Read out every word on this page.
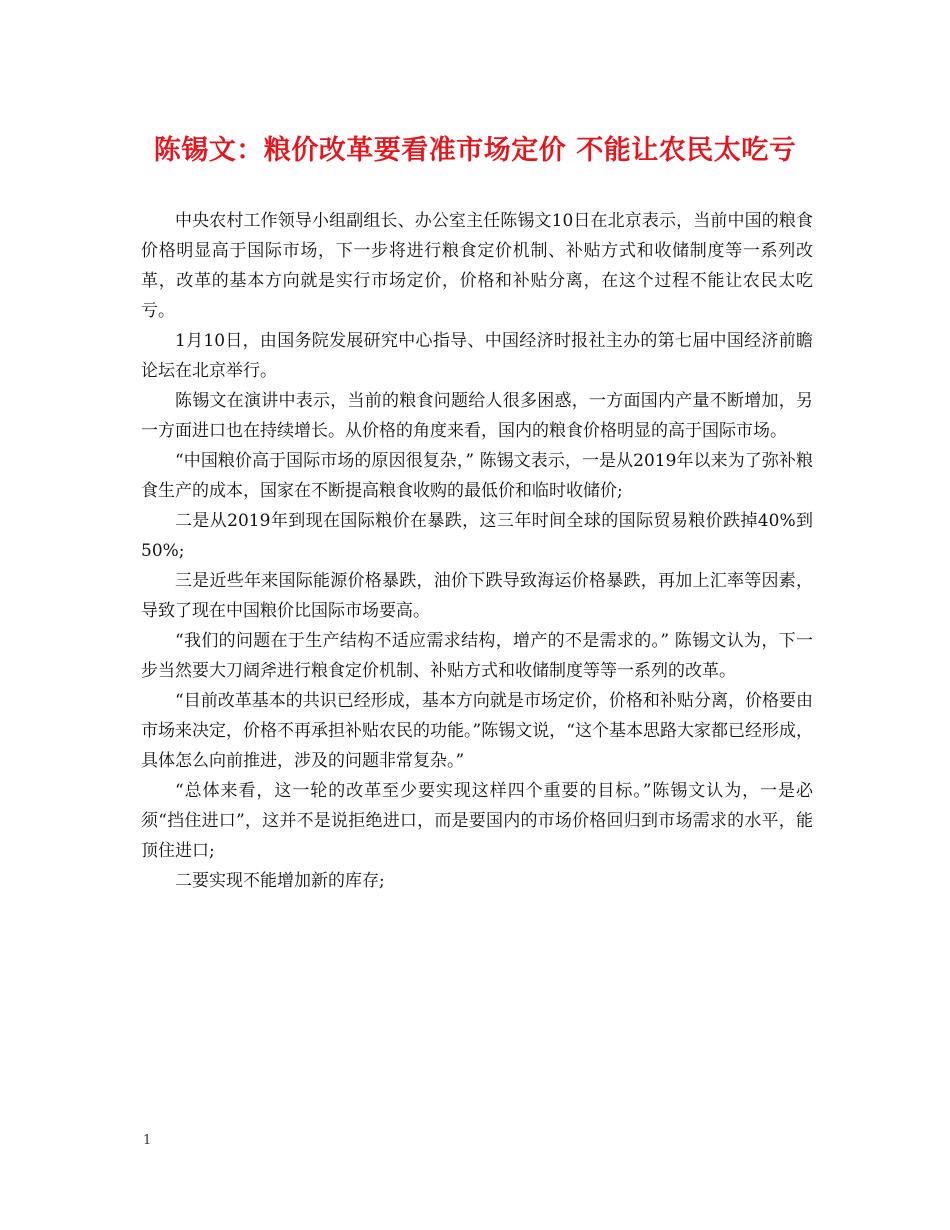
陈锡文：粮价改革要看准市场定价 不能让农民太吃亏

中央农村工作领导小组副组长、办公室主任陈锡文10日在北京表示，当前中国的粮食价格明显高于国际市场，下一步将进行粮食定价机制、补贴方式和收储制度等一系列改革，改革的基本方向就是实行市场定价，价格和补贴分离，在这个过程不能让农民太吃亏。

1月10日，由国务院发展研究中心指导、中国经济时报社主办的第七届中国经济前瞻论坛在北京举行。

陈锡文在演讲中表示，当前的粮食问题给人很多困惑，一方面国内产量不断增加，另一方面进口也在持续增长。从价格的角度来看，国内的粮食价格明显的高于国际市场。

“中国粮价高于国际市场的原因很复杂，” 陈锡文表示，一是从2019年以来为了弥补粮食生产的成本，国家在不断提高粮食收购的最低价和临时收储价;

二是从2019年到现在国际粮价在暴跌，这三年时间全球的国际贸易粮价跌掉40%到50%;

三是近些年来国际能源价格暴跌，油价下跌导致海运价格暴跌，再加上汇率等因素，导致了现在中国粮价比国际市场要高。

“我们的问题在于生产结构不适应需求结构，增产的不是需求的。” 陈锡文认为，下一步当然要大刀阔斧进行粮食定价机制、补贴方式和收储制度等等一系列的改革。

“目前改革基本的共识已经形成，基本方向就是市场定价，价格和补贴分离，价格要由市场来决定，价格不再承担补贴农民的功能。”陈锡文说，“这个基本思路大家都已经形成，具体怎么向前推进，涉及的问题非常复杂。”

“总体来看，这一轮的改革至少要实现这样四个重要的目标。”陈锡文认为，一是必须“挡住进口”，这并不是说拒绝进口，而是要国内的市场价格回归到市场需求的水平，能顶住进口;

二要实现不能增加新的库存;

1
